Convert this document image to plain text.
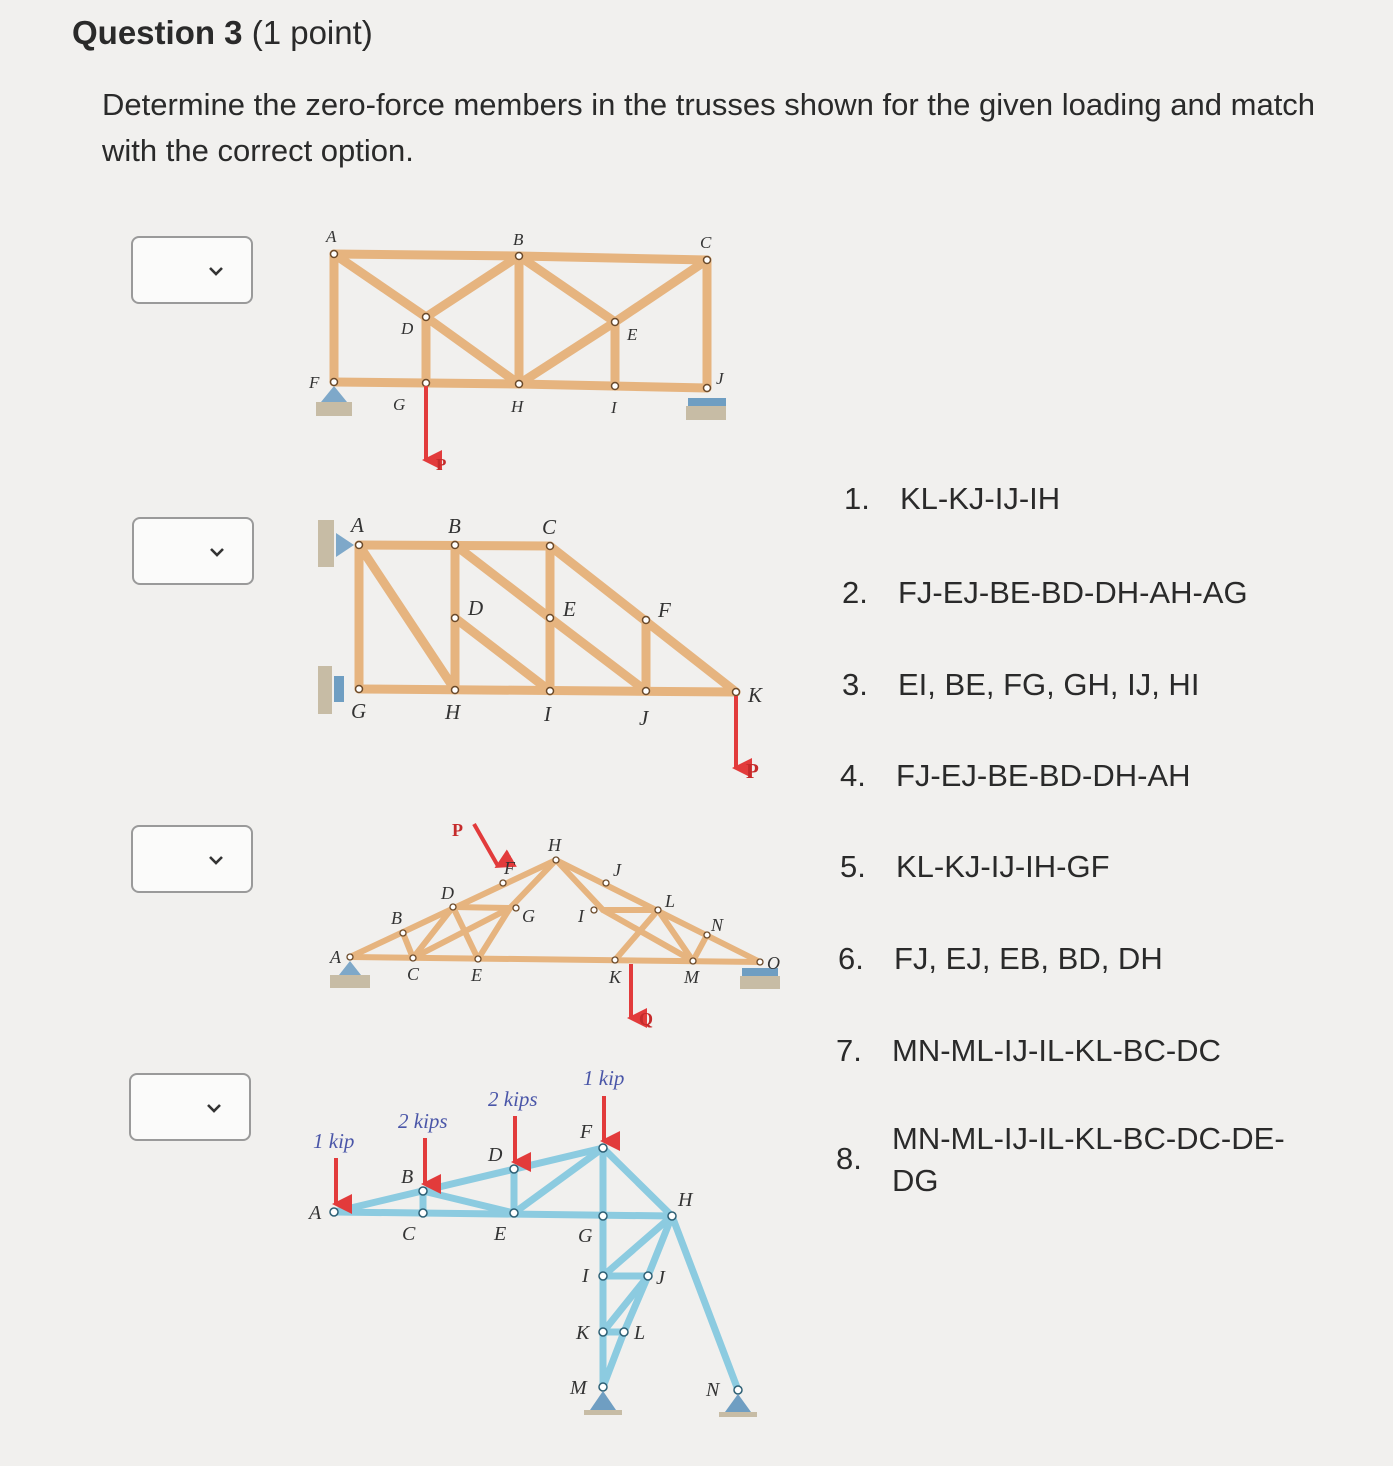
Question 3 (1 point)
Determine the zero-force members in the trusses shown for the given loading and match with the correct option.
A	B	C
D	E
F
G	H	I
J
P
A	B	C
D	E	F
G	H	I	J
K
P
A
B
C
D
E
F
G
H
I
J
K
L
M
N
O
P
Q
A
B
C
D
E
F
G
H
I	J
K L
M	N
1 kip
2 kips
2 kips
1 kip
1. KL-KJ-IJ-IH
2. FJ-EJ-BE-BD-DH-AH-AG
3. EI, BE, FG, GH, IJ, HI
4. FJ-EJ-BE-BD-DH-AH
5. KL-KJ-IJ-IH-GF
6. FJ, EJ, EB, BD, DH
7. MN-ML-IJ-IL-KL-BC-DC
8.
MN-ML-IJ-IL-KL-BC-DC-DE-DG
